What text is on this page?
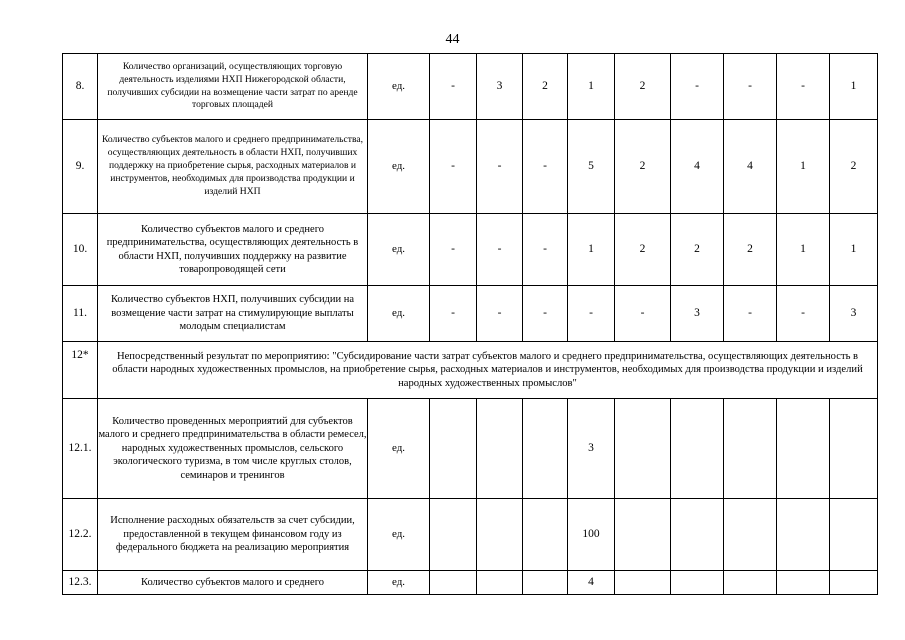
44
8.	Количество организаций, осуществляющих торговую деятельность изделиями НХП Нижегородской области, получивших субсидии на возмещение части затрат по аренде торговых площадей	ед.	-	3	2	1	2	-	-	-	1
9.	Количество субъектов малого и среднего предпринимательства, осуществляющих деятельность в области НХП, получивших поддержку на приобретение сырья, расходных материалов и инструментов, необходимых для производства продукции и изделий НХП	ед.	-	-	-	5	2	4	4	1	2
10.	Количество субъектов малого и среднего предпринимательства, осуществляющих деятельность в области НХП, получивших поддержку на развитие товаропроводящей сети	ед.	-	-	-	1	2	2	2	1	1
11.	Количество субъектов НХП, получивших субсидии на возмещение части затрат на стимулирующие выплаты молодым специалистам	ед.	-	-	-	-	-	3	-	-	3
12*	Непосредственный результат по мероприятию: "Субсидирование части затрат субъектов малого и среднего предпринимательства, осуществляющих деятельность в области народных художественных промыслов, на приобретение сырья, расходных материалов и инструментов, необходимых для производства продукции и изделий народных художественных промыслов"										
12.1.	Количество проведенных мероприятий для субъектов малого и среднего предпринимательства в области ремесел, народных художественных промыслов, сельского экологического туризма, в том числе круглых столов, семинаров и тренингов	ед.				3					
12.2.	Исполнение расходных обязательств за счет субсидии, предоставленной в текущем финансовом году из федерального бюджета на реализацию мероприятия	ед.				100					
12.3.	Количество субъектов малого и среднего	ед.				4					
